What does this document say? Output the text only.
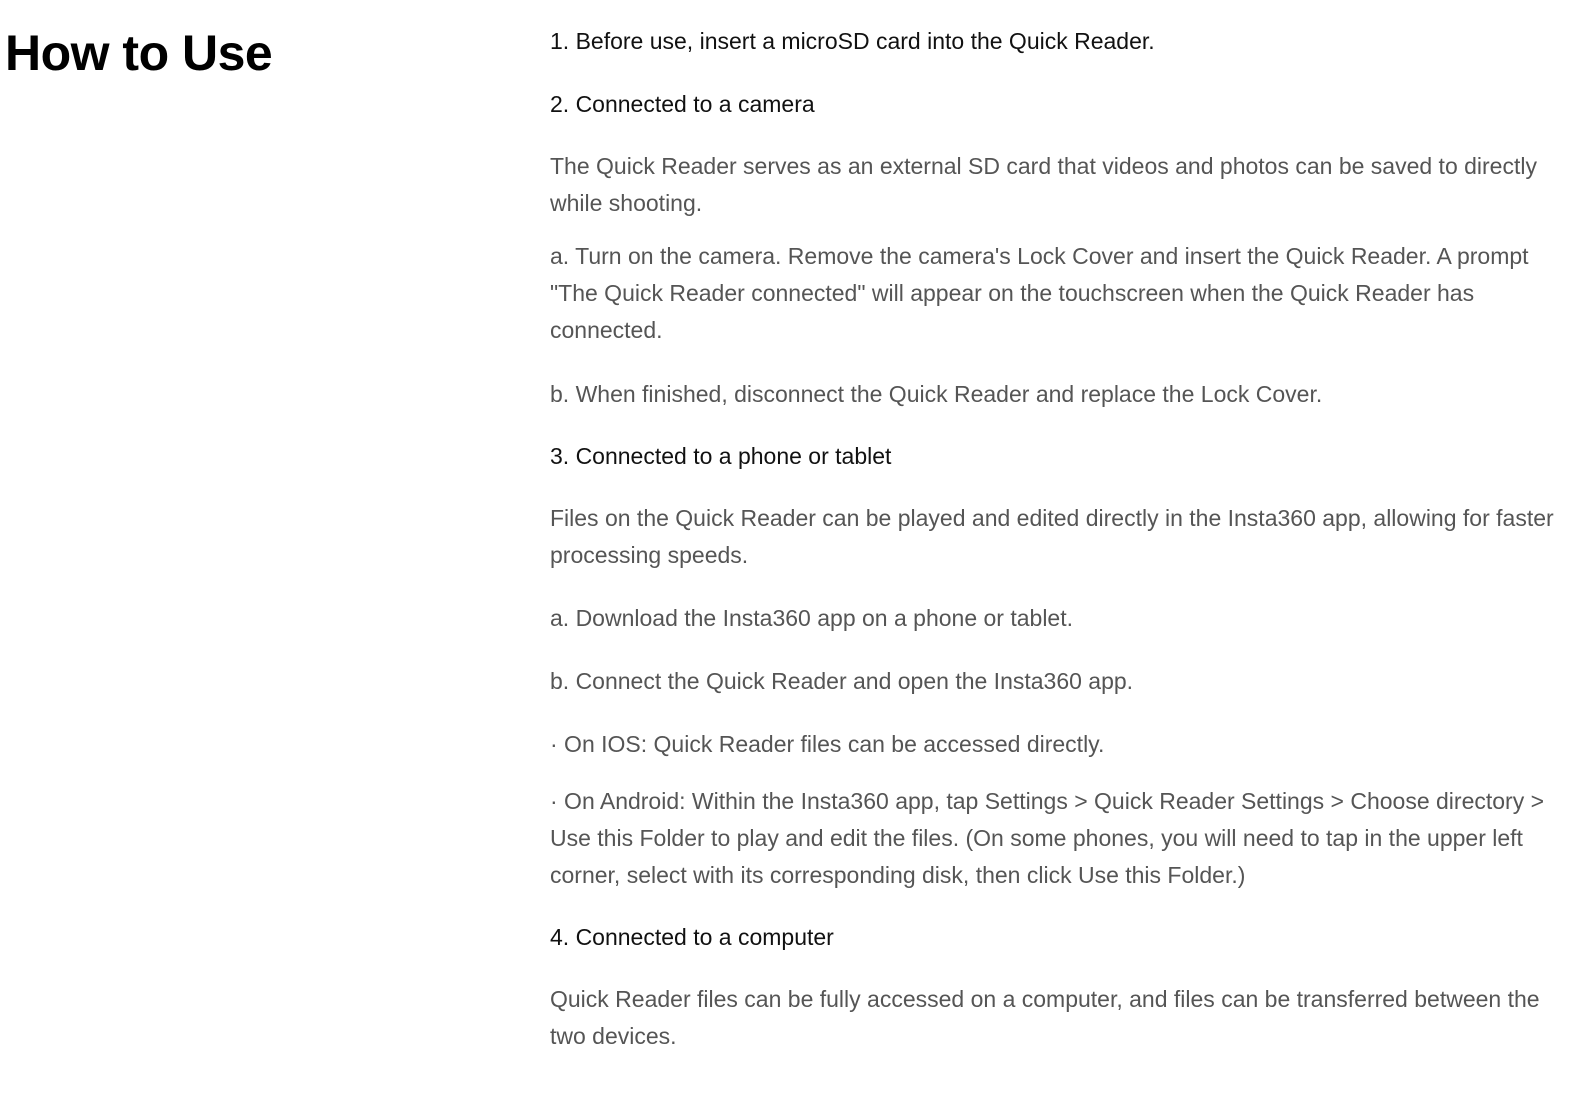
How to Use	1. Before use, insert a microSD card into the Quick Reader.

2. Connected to a camera

The Quick Reader serves as an external SD card that videos and photos can be saved to directly while shooting.

a. Turn on the camera. Remove the camera's Lock Cover and insert the Quick Reader. A prompt "The Quick Reader connected" will appear on the touchscreen when the Quick Reader has connected.

b. When finished, disconnect the Quick Reader and replace the Lock Cover.

3. Connected to a phone or tablet

Files on the Quick Reader can be played and edited directly in the Insta360 app, allowing for faster processing speeds.

a. Download the Insta360 app on a phone or tablet.

b. Connect the Quick Reader and open the Insta360 app.

· On IOS: Quick Reader files can be accessed directly.

· On Android: Within the Insta360 app, tap Settings > Quick Reader Settings > Choose directory > Use this Folder to play and edit the files. (On some phones, you will need to tap in the upper left corner, select with its corresponding disk, then click Use this Folder.)

4. Connected to a computer

Quick Reader files can be fully accessed on a computer, and files can be transferred between the two devices.
